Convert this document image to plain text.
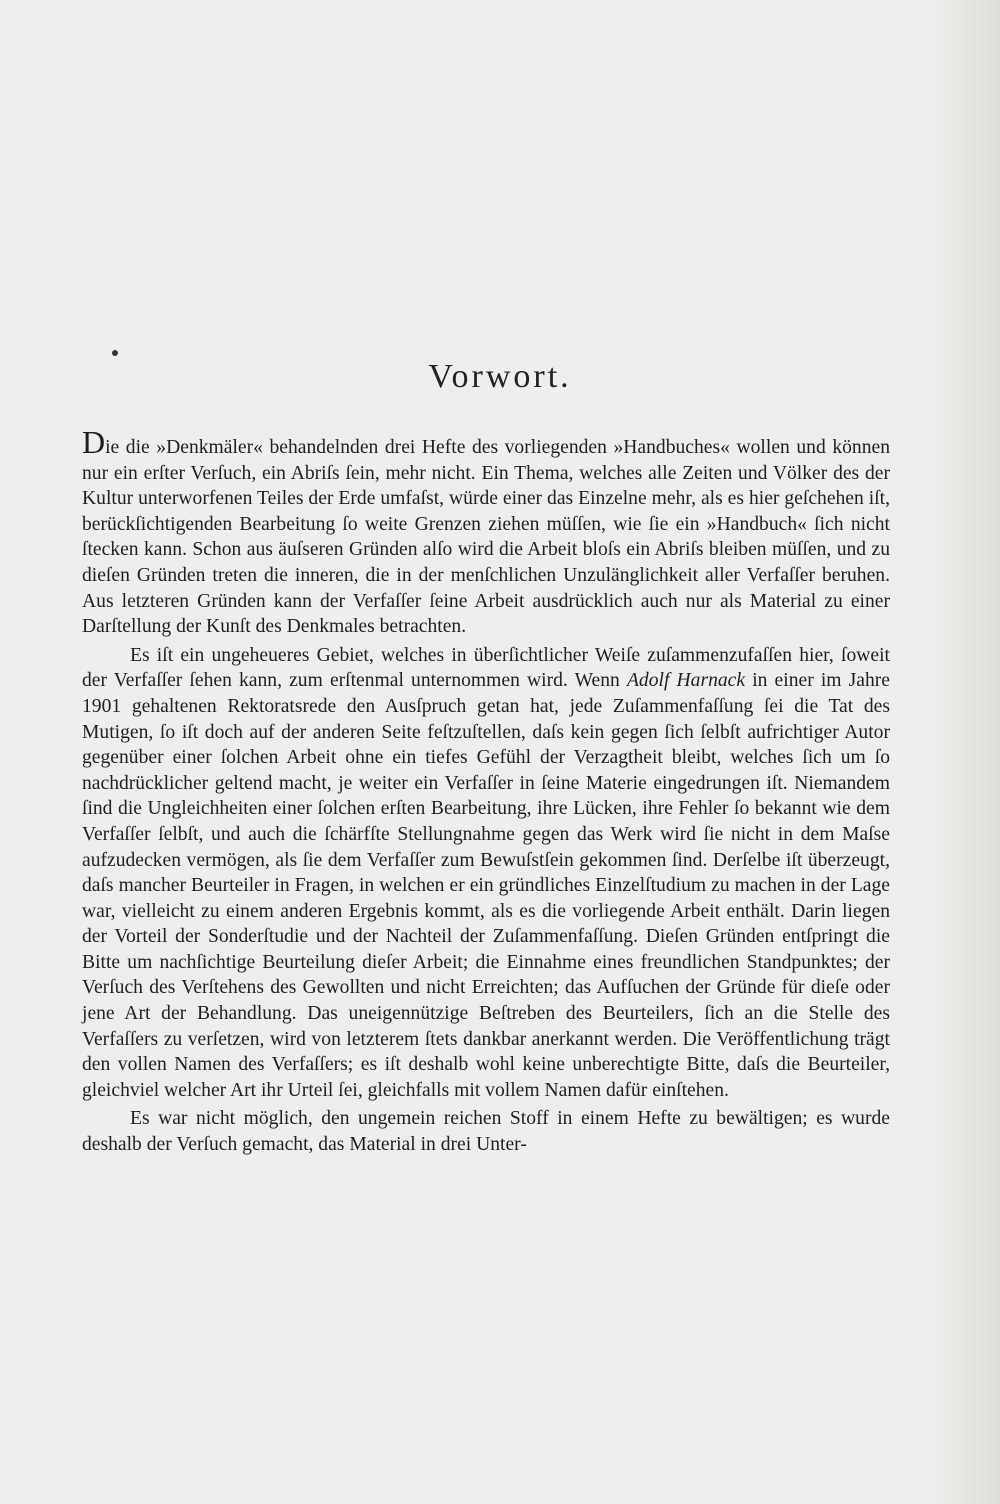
Vorwort.

Die die »Denkmäler« behandelnden drei Hefte des vorliegenden »Handbuches« wollen und können nur ein erſter Verſuch, ein Abriſs ſein, mehr nicht. Ein Thema, welches alle Zeiten und Völker des der Kultur unterworfenen Teiles der Erde umfaſst, würde einer das Einzelne mehr, als es hier geſchehen iſt, berückſichtigenden Bearbeitung ſo weite Grenzen ziehen müſſen, wie ſie ein »Handbuch« ſich nicht ſtecken kann. Schon aus äuſseren Gründen alſo wird die Arbeit bloſs ein Abriſs bleiben müſſen, und zu dieſen Gründen treten die inneren, die in der menſchlichen Unzulänglichkeit aller Verfaſſer beruhen. Aus letzteren Gründen kann der Verfaſſer ſeine Arbeit ausdrücklich auch nur als Material zu einer Darſtellung der Kunſt des Denkmales betrachten.

Es iſt ein ungeheueres Gebiet, welches in überſichtlicher Weiſe zuſammenzufaſſen hier, ſoweit der Verfaſſer ſehen kann, zum erſtenmal unternommen wird. Wenn Adolf Harnack in einer im Jahre 1901 gehaltenen Rektoratsrede den Ausſpruch getan hat, jede Zuſammenfaſſung ſei die Tat des Mutigen, ſo iſt doch auf der anderen Seite feſtzuſtellen, daſs kein gegen ſich ſelbſt aufrichtiger Autor gegenüber einer ſolchen Arbeit ohne ein tiefes Gefühl der Verzagtheit bleibt, welches ſich um ſo nachdrücklicher geltend macht, je weiter ein Verfaſſer in ſeine Materie eingedrungen iſt. Niemandem ſind die Ungleichheiten einer ſolchen erſten Bearbeitung, ihre Lücken, ihre Fehler ſo bekannt wie dem Verfaſſer ſelbſt, und auch die ſchärfſte Stellungnahme gegen das Werk wird ſie nicht in dem Maſse aufzudecken vermögen, als ſie dem Verfaſſer zum Bewuſstſein gekommen ſind. Derſelbe iſt überzeugt, daſs mancher Beurteiler in Fragen, in welchen er ein gründliches Einzelſtudium zu machen in der Lage war, vielleicht zu einem anderen Ergebnis kommt, als es die vorliegende Arbeit enthält. Darin liegen der Vorteil der Sonderſtudie und der Nachteil der Zuſammenfaſſung. Dieſen Gründen entſpringt die Bitte um nachſichtige Beurteilung dieſer Arbeit; die Einnahme eines freundlichen Standpunktes; der Verſuch des Verſtehens des Gewollten und nicht Erreichten; das Aufſuchen der Gründe für dieſe oder jene Art der Behandlung. Das uneigennützige Beſtreben des Beurteilers, ſich an die Stelle des Verfaſſers zu verſetzen, wird von letzterem ſtets dankbar anerkannt werden. Die Veröffentlichung trägt den vollen Namen des Verfaſſers; es iſt deshalb wohl keine unberechtigte Bitte, daſs die Beurteiler, gleichviel welcher Art ihr Urteil ſei, gleichfalls mit vollem Namen dafür einſtehen.

Es war nicht möglich, den ungemein reichen Stoff in einem Hefte zu bewältigen; es wurde deshalb der Verſuch gemacht, das Material in drei Unter-
